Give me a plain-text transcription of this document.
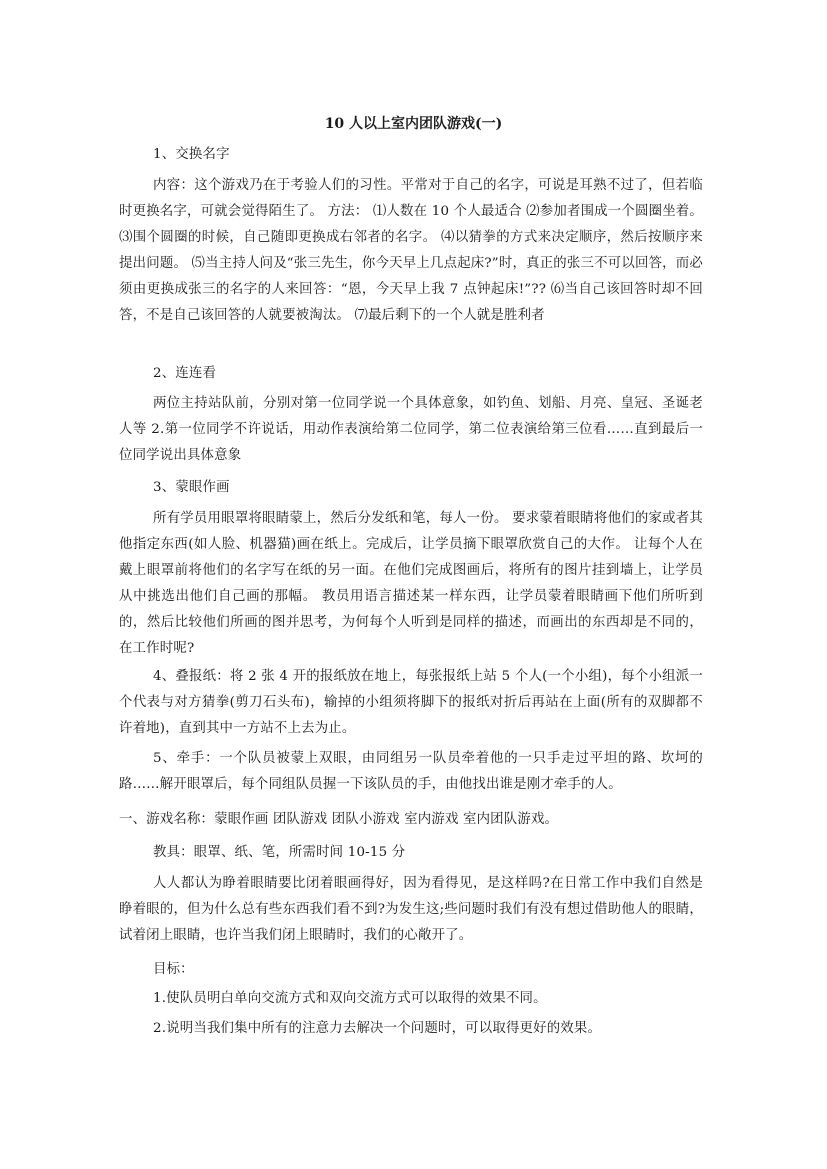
10 人以上室内团队游戏(一)

1、交换名字

内容：这个游戏乃在于考验人们的习性。平常对于自己的名字，可说是耳熟不过了，但若临时更换名字，可就会觉得陌生了。 方法： ⑴人数在 10 个人最适合 ⑵参加者围成一个圆圈坐着。 ⑶围个圆圈的时候，自己随即更换成右邻者的名字。 ⑷以猜拳的方式来决定顺序，然后按顺序来提出问题。 ⑸当主持人问及“张三先生，你今天早上几点起床?”时，真正的张三不可以回答，而必须由更换成张三的名字的人来回答：“恩，今天早上我 7 点钟起床!”?? ⑹当自己该回答时却不回答，不是自己该回答的人就要被淘汰。 ⑺最后剩下的一个人就是胜利者

2、连连看

两位主持站队前，分别对第一位同学说一个具体意象，如钓鱼、划船、月亮、皇冠、圣诞老人等 2.第一位同学不许说话，用动作表演给第二位同学，第二位表演给第三位看……直到最后一位同学说出具体意象

3、蒙眼作画

所有学员用眼罩将眼睛蒙上，然后分发纸和笔，每人一份。 要求蒙着眼睛将他们的家或者其他指定东西(如人脸、机器猫)画在纸上。完成后，让学员摘下眼罩欣赏自己的大作。 让每个人在戴上眼罩前将他们的名字写在纸的另一面。在他们完成图画后，将所有的图片挂到墙上，让学员从中挑选出他们自己画的那幅。 教员用语言描述某一样东西，让学员蒙着眼睛画下他们所听到的，然后比较他们所画的图并思考，为何每个人听到是同样的描述，而画出的东西却是不同的，在工作时呢?

4、叠报纸：将 2 张 4 开的报纸放在地上，每张报纸上站 5 个人(一个小组)，每个小组派一个代表与对方猜拳(剪刀石头布)，输掉的小组须将脚下的报纸对折后再站在上面(所有的双脚都不许着地)，直到其中一方站不上去为止。

5、牵手：一个队员被蒙上双眼，由同组另一队员牵着他的一只手走过平坦的路、坎坷的路……解开眼罩后，每个同组队员握一下该队员的手，由他找出谁是刚才牵手的人。

一、游戏名称：蒙眼作画 团队游戏 团队小游戏 室内游戏 室内团队游戏。

教具：眼罩、纸、笔，所需时间 10-15 分

人人都认为睁着眼睛要比闭着眼画得好，因为看得见，是这样吗?在日常工作中我们自然是睁着眼的，但为什么总有些东西我们看不到?为发生这;些问题时我们有没有想过借助他人的眼睛，试着闭上眼睛，也许当我们闭上眼睛时，我们的心敞开了。

目标：

1.使队员明白单向交流方式和双向交流方式可以取得的效果不同。

2.说明当我们集中所有的注意力去解决一个问题时，可以取得更好的效果。
